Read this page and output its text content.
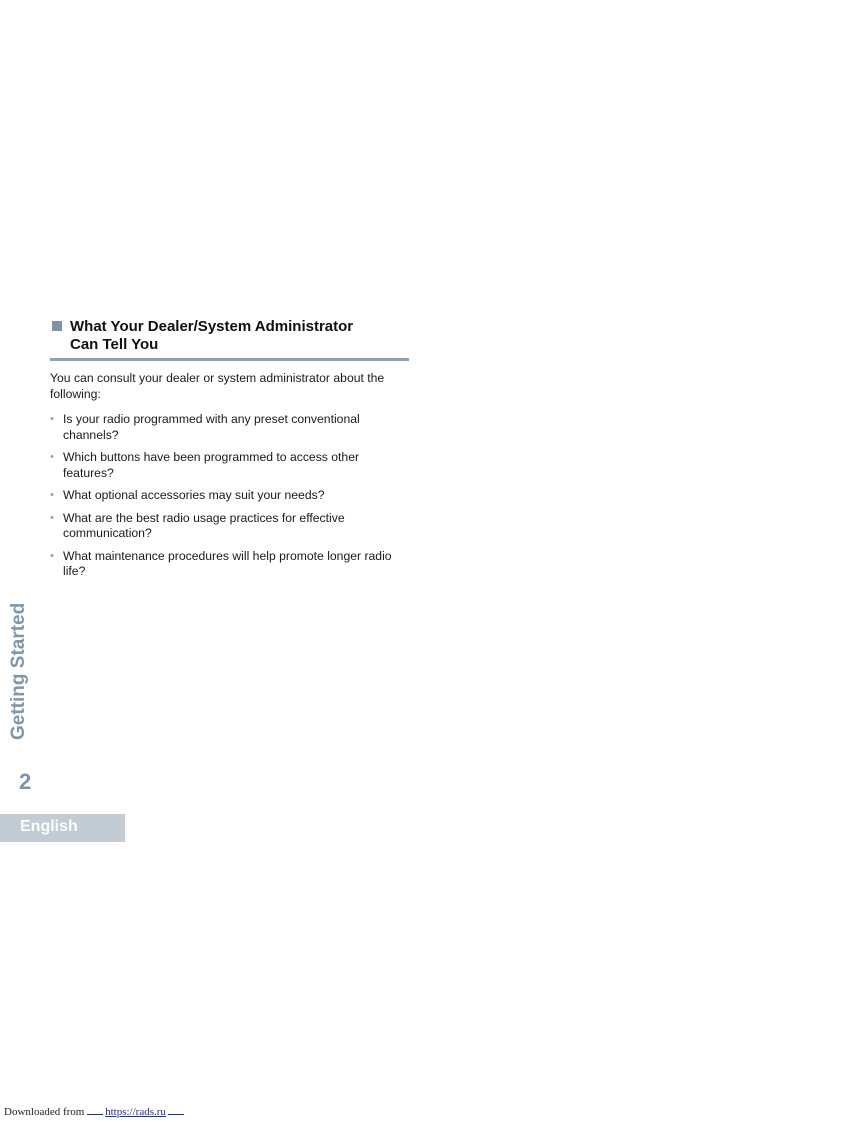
What Your Dealer/System Administrator
Can Tell You

You can consult your dealer or system administrator about the following:

• Is your radio programmed with any preset conventional channels?
• Which buttons have been programmed to access other features?
• What optional accessories may suit your needs?
• What are the best radio usage practices for effective communication?
• What maintenance procedures will help promote longer radio life?
Getting Started
2
English
Downloaded from https://rads.ru
